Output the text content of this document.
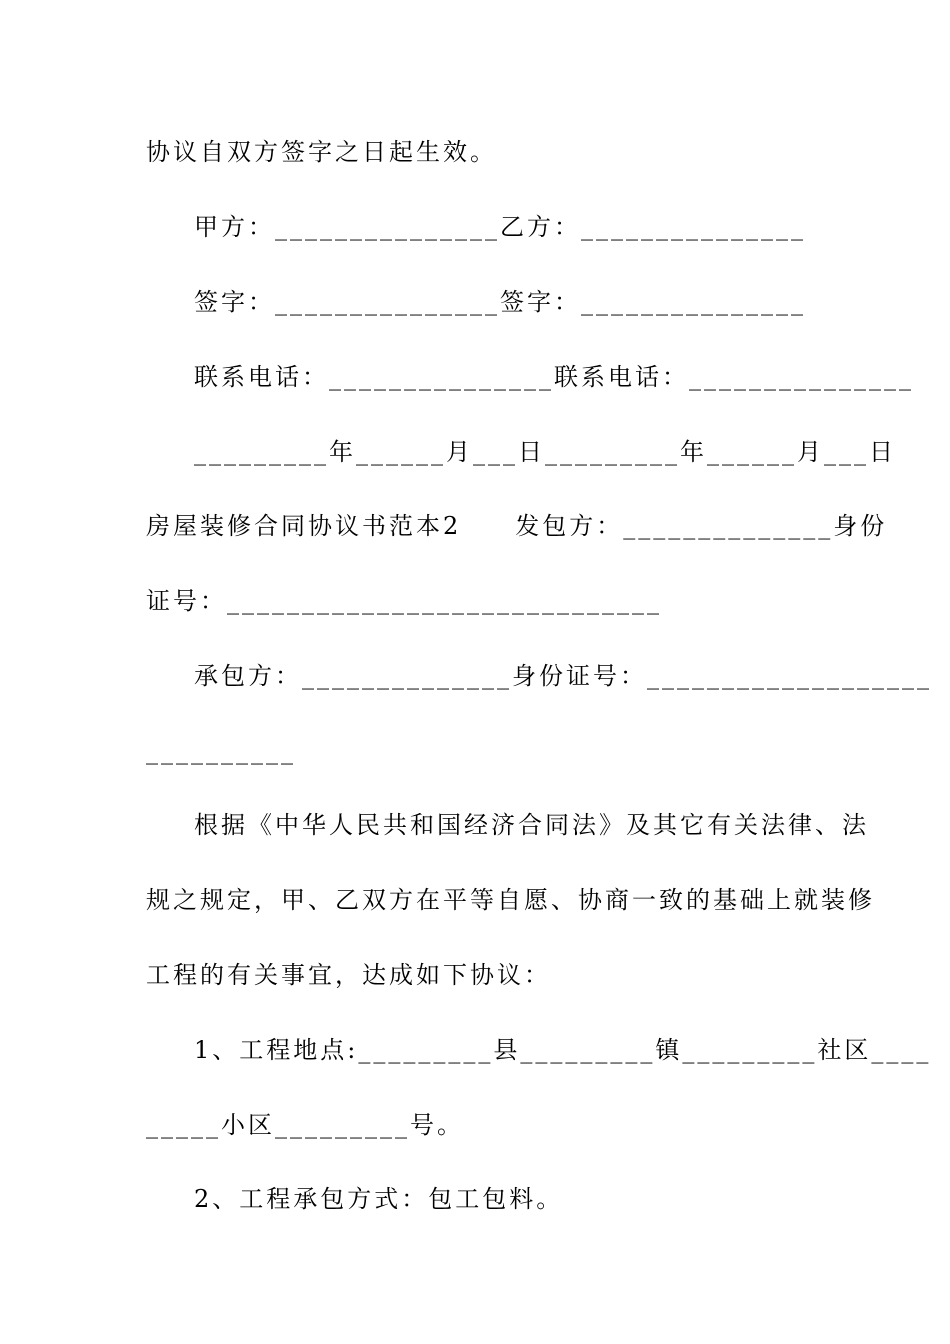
协议自双方签字之日起生效。
甲方：_______________乙方：_______________
签字：_______________签字：_______________
联系电话：_______________联系电话：_______________
_________年______月___日_________年______月___日
房屋装修合同协议书范本2　　发包方：______________身份
证号：_____________________________
承包方：______________身份证号：___________________
__________
根据《中华人民共和国经济合同法》及其它有关法律、法
规之规定，甲、乙双方在平等自愿、协商一致的基础上就装修
工程的有关事宜，达成如下协议：
1、工程地点:_________县_________镇_________社区____
_____小区_________号。
2、工程承包方式：包工包料。
